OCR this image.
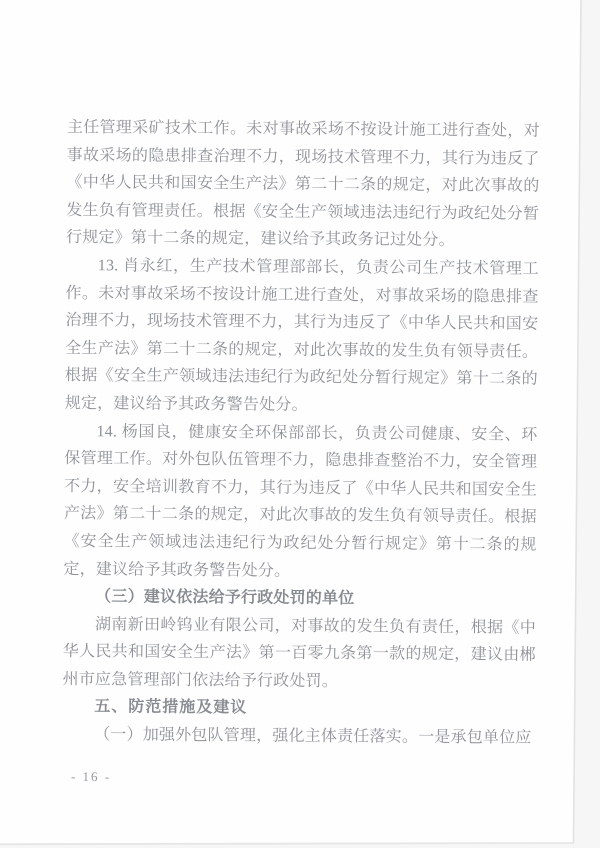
主任管理采矿技术工作。未对事故采场不按设计施工进行查处，对事故采场的隐患排查治理不力，现场技术管理不力，其行为违反了《中华人民共和国安全生产法》第二十二条的规定，对此次事故的发生负有管理责任。根据《安全生产领域违法违纪行为政纪处分暂行规定》第十二条的规定，建议给予其政务记过处分。

13. 肖永红，生产技术管理部部长，负责公司生产技术管理工作。未对事故采场不按设计施工进行查处，对事故采场的隐患排查治理不力，现场技术管理不力，其行为违反了《中华人民共和国安全生产法》第二十二条的规定，对此次事故的发生负有领导责任。根据《安全生产领域违法违纪行为政纪处分暂行规定》第十二条的规定，建议给予其政务警告处分。

14. 杨国良，健康安全环保部部长，负责公司健康、安全、环保管理工作。对外包队伍管理不力，隐患排查整治不力，安全管理不力，安全培训教育不力，其行为违反了《中华人民共和国安全生产法》第二十二条的规定，对此次事故的发生负有领导责任。根据《安全生产领域违法违纪行为政纪处分暂行规定》第十二条的规定，建议给予其政务警告处分。

（三）建议依法给予行政处罚的单位

湖南新田岭钨业有限公司，对事故的发生负有责任，根据《中华人民共和国安全生产法》第一百零九条第一款的规定，建议由郴州市应急管理部门依法给予行政处罚。

五、防范措施及建议

（一）加强外包队管理，强化主体责任落实。一是承包单位应

- 16 -
